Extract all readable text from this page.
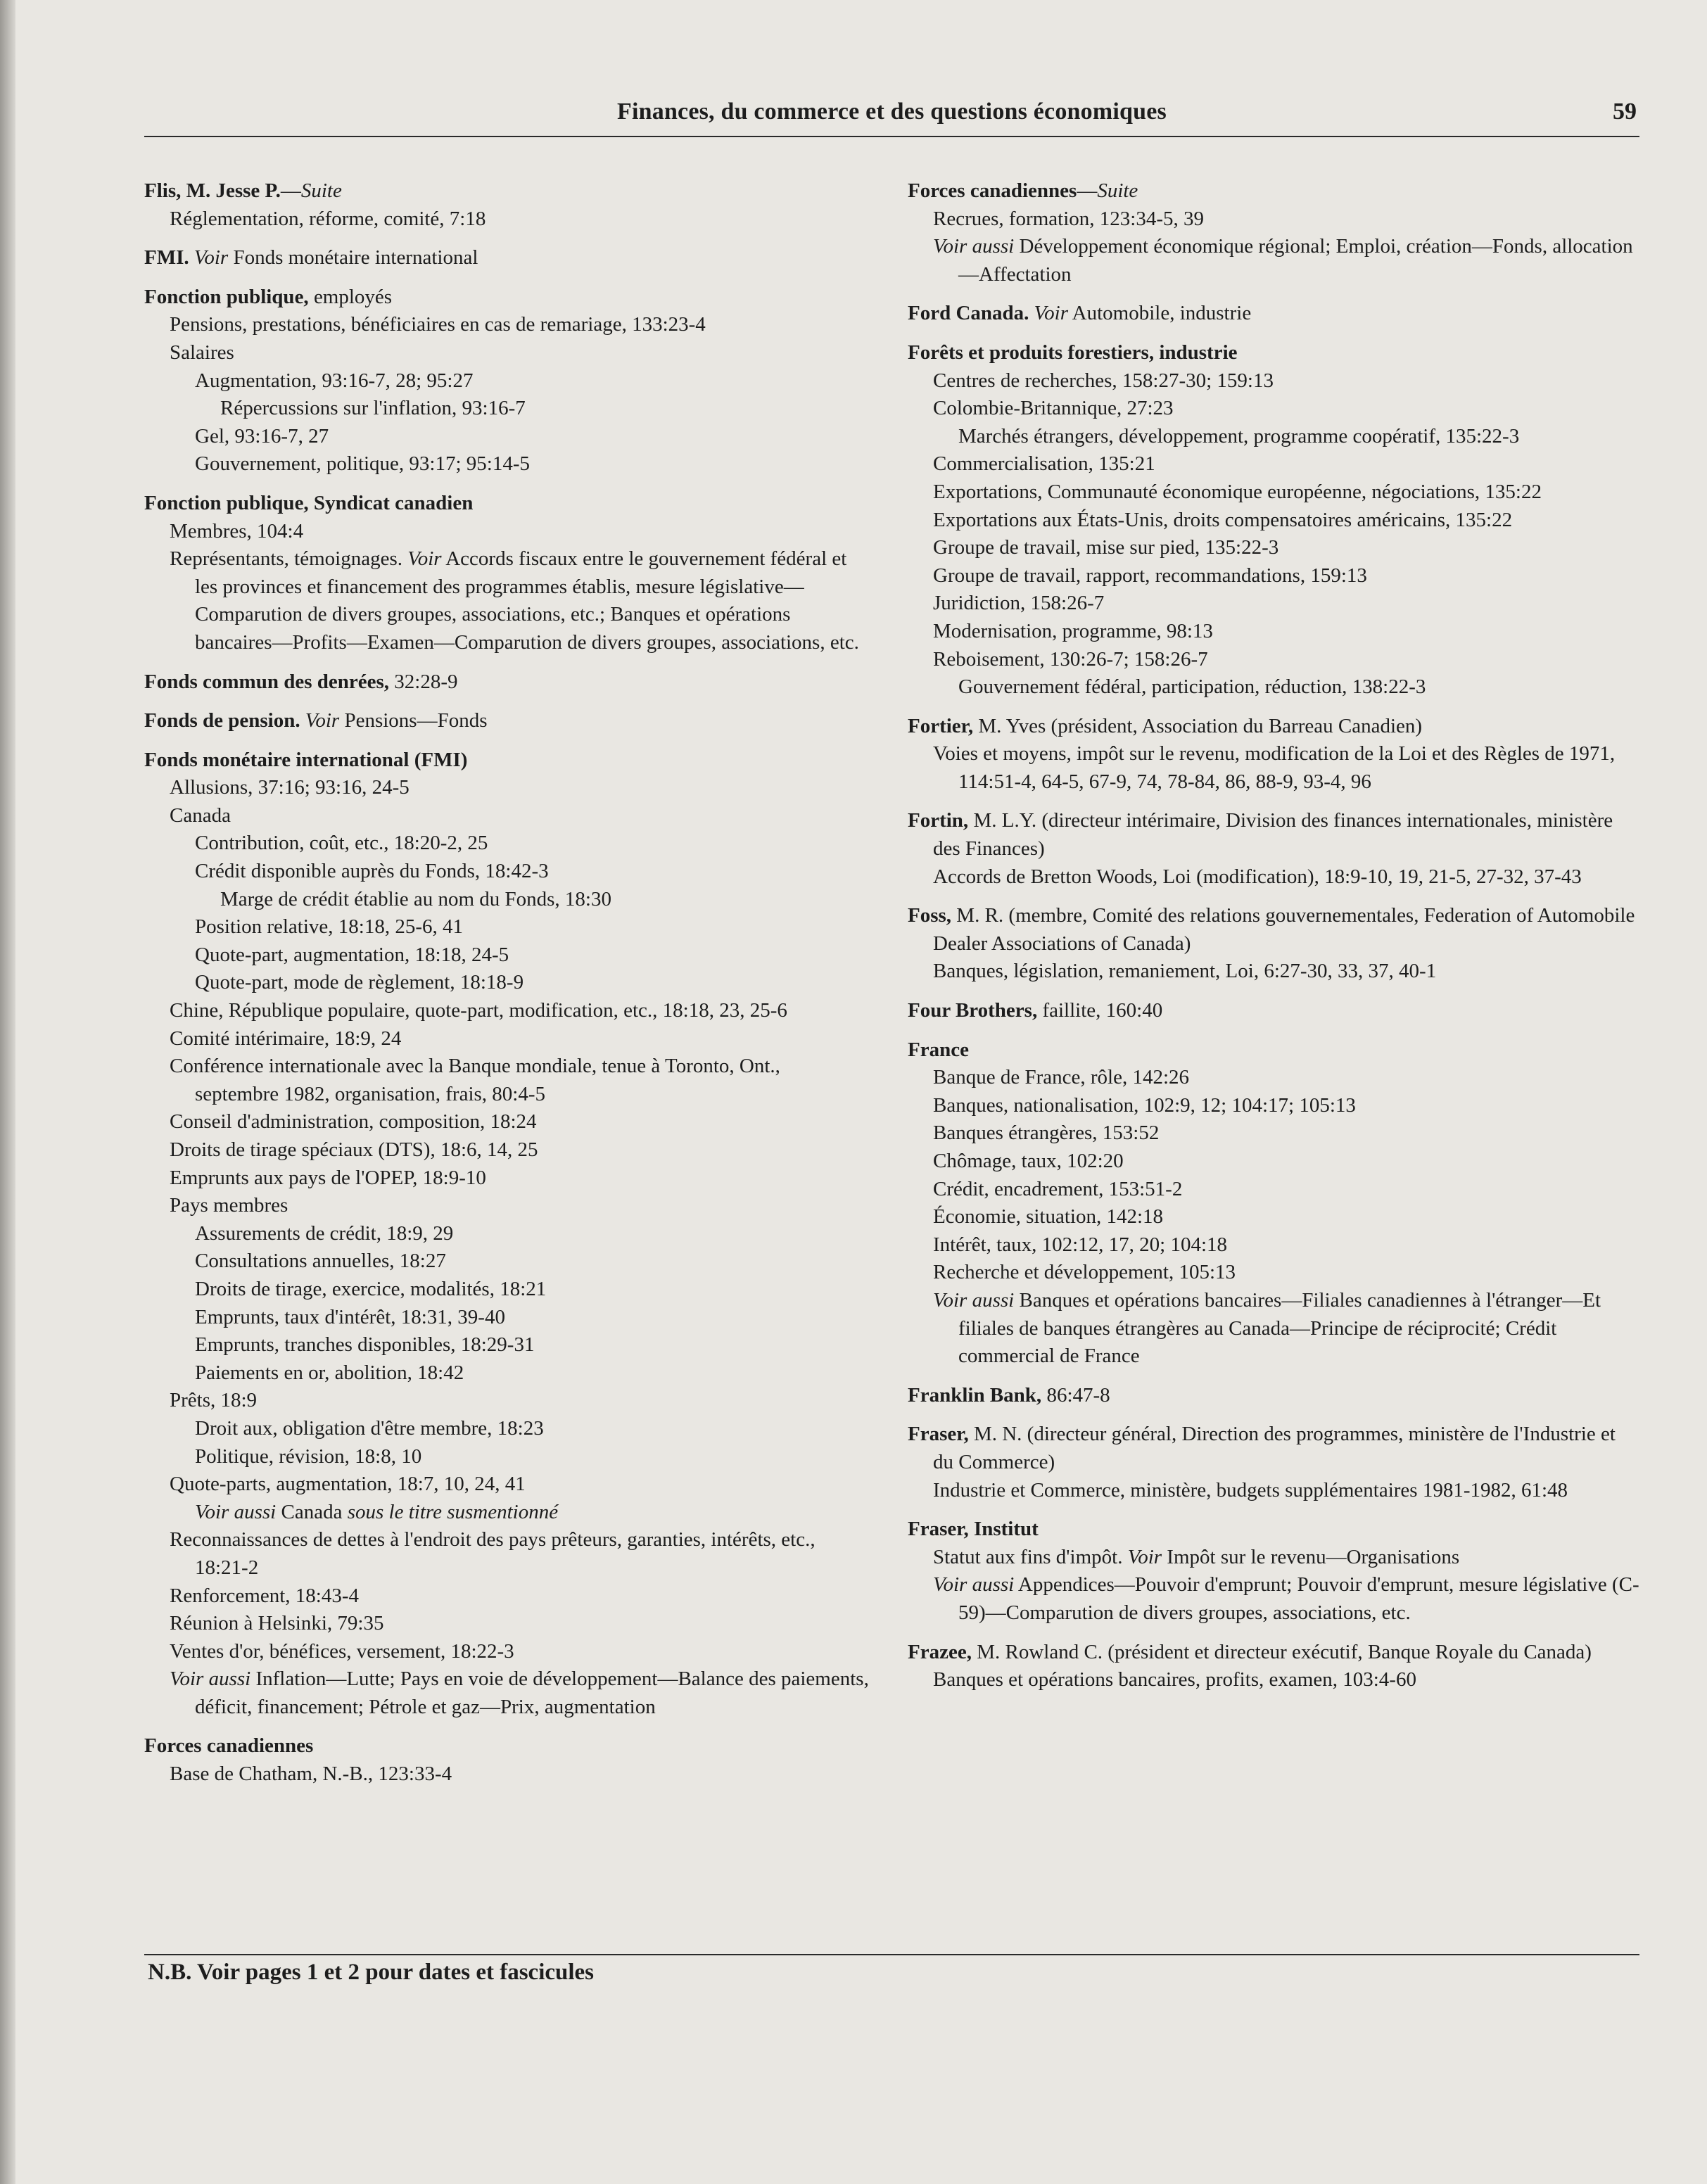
Finances, du commerce et des questions économiques	59
Flis, M. Jesse P.—Suite
Réglementation, réforme, comité, 7:18
FMI. Voir Fonds monétaire international
Fonction publique, employés
Pensions, prestations, bénéficiaires en cas de remariage, 133:23-4
Salaires
Augmentation, 93:16-7, 28; 95:27
Répercussions sur l'inflation, 93:16-7
Gel, 93:16-7, 27
Gouvernement, politique, 93:17; 95:14-5
Fonction publique, Syndicat canadien
Membres, 104:4
Représentants, témoignages. Voir Accords fiscaux entre le gouvernement fédéral et les provinces et financement des programmes établis, mesure législative—Comparution de divers groupes, associations, etc.; Banques et opérations bancaires—Profits—Examen—Comparution de divers groupes, associations, etc.
Fonds commun des denrées, 32:28-9
Fonds de pension. Voir Pensions—Fonds
Fonds monétaire international (FMI)
Allusions, 37:16; 93:16, 24-5
Canada
Contribution, coût, etc., 18:20-2, 25
Crédit disponible auprès du Fonds, 18:42-3
Marge de crédit établie au nom du Fonds, 18:30
Position relative, 18:18, 25-6, 41
Quote-part, augmentation, 18:18, 24-5
Quote-part, mode de règlement, 18:18-9
Chine, République populaire, quote-part, modification, etc., 18:18, 23, 25-6
Comité intérimaire, 18:9, 24
Conférence internationale avec la Banque mondiale, tenue à Toronto, Ont., septembre 1982, organisation, frais, 80:4-5
Conseil d'administration, composition, 18:24
Droits de tirage spéciaux (DTS), 18:6, 14, 25
Emprunts aux pays de l'OPEP, 18:9-10
Pays membres
Assurements de crédit, 18:9, 29
Consultations annuelles, 18:27
Droits de tirage, exercice, modalités, 18:21
Emprunts, taux d'intérêt, 18:31, 39-40
Emprunts, tranches disponibles, 18:29-31
Paiements en or, abolition, 18:42
Prêts, 18:9
Droit aux, obligation d'être membre, 18:23
Politique, révision, 18:8, 10
Quote-parts, augmentation, 18:7, 10, 24, 41
Voir aussi Canada sous le titre susmentionné
Reconnaissances de dettes à l'endroit des pays prêteurs, garanties, intérêts, etc., 18:21-2
Renforcement, 18:43-4
Réunion à Helsinki, 79:35
Ventes d'or, bénéfices, versement, 18:22-3
Voir aussi Inflation—Lutte; Pays en voie de développement—Balance des paiements, déficit, financement; Pétrole et gaz—Prix, augmentation
Forces canadiennes
Base de Chatham, N.-B., 123:33-4
Forces canadiennes—Suite
Recrues, formation, 123:34-5, 39
Voir aussi Développement économique régional; Emploi, création—Fonds, allocation—Affectation
Ford Canada. Voir Automobile, industrie
Forêts et produits forestiers, industrie
Centres de recherches, 158:27-30; 159:13
Colombie-Britannique, 27:23
Marchés étrangers, développement, programme coopératif, 135:22-3
Commercialisation, 135:21
Exportations, Communauté économique européenne, négociations, 135:22
Exportations aux États-Unis, droits compensatoires américains, 135:22
Groupe de travail, mise sur pied, 135:22-3
Groupe de travail, rapport, recommandations, 159:13
Juridiction, 158:26-7
Modernisation, programme, 98:13
Reboisement, 130:26-7; 158:26-7
Gouvernement fédéral, participation, réduction, 138:22-3
Fortier, M. Yves (président, Association du Barreau Canadien)
Voies et moyens, impôt sur le revenu, modification de la Loi et des Règles de 1971, 114:51-4, 64-5, 67-9, 74, 78-84, 86, 88-9, 93-4, 96
Fortin, M. L.Y. (directeur intérimaire, Division des finances internationales, ministère des Finances)
Accords de Bretton Woods, Loi (modification), 18:9-10, 19, 21-5, 27-32, 37-43
Foss, M. R. (membre, Comité des relations gouvernementales, Federation of Automobile Dealer Associations of Canada)
Banques, législation, remaniement, Loi, 6:27-30, 33, 37, 40-1
Four Brothers, faillite, 160:40
France
Banque de France, rôle, 142:26
Banques, nationalisation, 102:9, 12; 104:17; 105:13
Banques étrangères, 153:52
Chômage, taux, 102:20
Crédit, encadrement, 153:51-2
Économie, situation, 142:18
Intérêt, taux, 102:12, 17, 20; 104:18
Recherche et développement, 105:13
Voir aussi Banques et opérations bancaires—Filiales canadiennes à l'étranger—Et filiales de banques étrangères au Canada—Principe de réciprocité; Crédit commercial de France
Franklin Bank, 86:47-8
Fraser, M. N. (directeur général, Direction des programmes, ministère de l'Industrie et du Commerce)
Industrie et Commerce, ministère, budgets supplémentaires 1981-1982, 61:48
Fraser, Institut
Statut aux fins d'impôt. Voir Impôt sur le revenu—Organisations
Voir aussi Appendices—Pouvoir d'emprunt; Pouvoir d'emprunt, mesure législative (C-59)—Comparution de divers groupes, associations, etc.
Frazee, M. Rowland C. (président et directeur exécutif, Banque Royale du Canada)
Banques et opérations bancaires, profits, examen, 103:4-60
N.B. Voir pages 1 et 2 pour dates et fascicules
